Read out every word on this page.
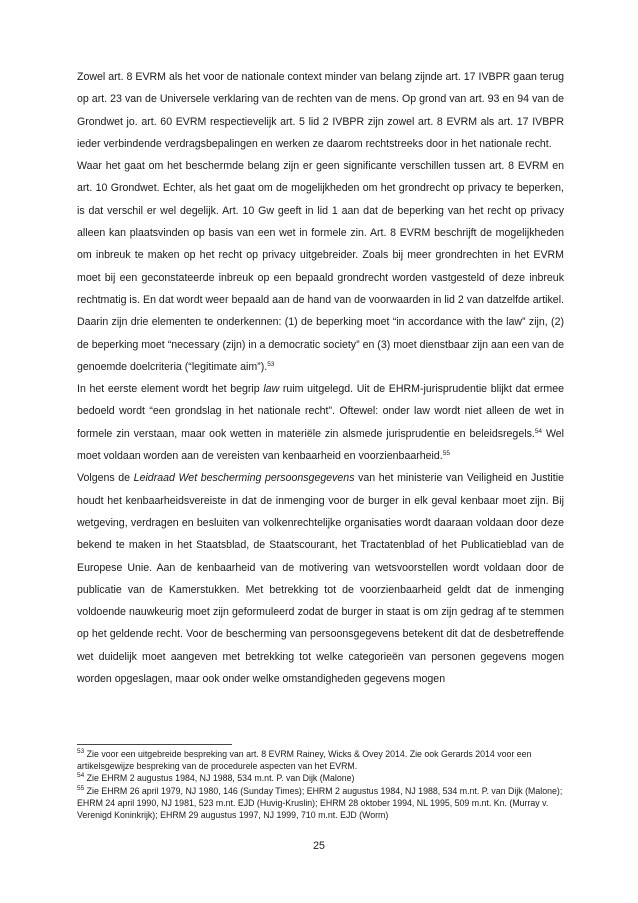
Zowel art. 8 EVRM als het voor de nationale context minder van belang zijnde art. 17 IVBPR gaan terug op art. 23 van de Universele verklaring van de rechten van de mens. Op grond van art. 93 en 94 van de Grondwet jo. art. 60 EVRM respectievelijk art. 5 lid 2 IVBPR zijn zowel art. 8 EVRM als art. 17 IVBPR ieder verbindende verdragsbepalingen en werken ze daarom rechtstreeks door in het nationale recht.

Waar het gaat om het beschermde belang zijn er geen significante verschillen tussen art. 8 EVRM en art. 10 Grondwet. Echter, als het gaat om de mogelijkheden om het grondrecht op privacy te beperken, is dat verschil er wel degelijk. Art. 10 Gw geeft in lid 1 aan dat de beperking van het recht op privacy alleen kan plaatsvinden op basis van een wet in formele zin. Art. 8 EVRM beschrijft de mogelijkheden om inbreuk te maken op het recht op privacy uitgebreider. Zoals bij meer grondrechten in het EVRM moet bij een geconstateerde inbreuk op een bepaald grondrecht worden vastgesteld of deze inbreuk rechtmatig is. En dat wordt weer bepaald aan de hand van de voorwaarden in lid 2 van datzelfde artikel. Daarin zijn drie elementen te onderkennen: (1) de beperking moet “in accordance with the law” zijn, (2) de beperking moet “necessary (zijn) in a democratic society” en (3) moet dienstbaar zijn aan een van de genoemde doelcriteria (“legitimate aim”).$^{53}$

In het eerste element wordt het begrip law ruim uitgelegd. Uit de EHRM-jurisprudentie blijkt dat ermee bedoeld wordt “een grondslag in het nationale recht”. Oftewel: onder law wordt niet alleen de wet in formele zin verstaan, maar ook wetten in materiële zin alsmede jurisprudentie en beleidsregels.$^{54}$ Wel moet voldaan worden aan de vereisten van kenbaarheid en voorzienbaarheid.$^{55}$

Volgens de Leidraad Wet bescherming persoonsgegevens van het ministerie van Veiligheid en Justitie houdt het kenbaarheidsvereiste in dat de inmenging voor de burger in elk geval kenbaar moet zijn. Bij wetgeving, verdragen en besluiten van volkenrechtelijke organisaties wordt daaraan voldaan door deze bekend te maken in het Staatsblad, de Staatscourant, het Tractatenblad of het Publicatieblad van de Europese Unie. Aan de kenbaarheid van de motivering van wetsvoorstellen wordt voldaan door de publicatie van de Kamerstukken. Met betrekking tot de voorzienbaarheid geldt dat de inmenging voldoende nauwkeurig moet zijn geformuleerd zodat de burger in staat is om zijn gedrag af te stemmen op het geldende recht. Voor de bescherming van persoonsgegevens betekent dit dat de desbetreffende wet duidelijk moet aangeven met betrekking tot welke categorieën van personen gegevens mogen worden opgeslagen, maar ook onder welke omstandigheden gegevens mogen

$^{53}$ Zie voor een uitgebreide bespreking van art. 8 EVRM Rainey, Wicks & Ovey 2014. Zie ook Gerards 2014 voor een artikelsgewijze bespreking van de procedurele aspecten van het EVRM.

$^{54}$ Zie EHRM 2 augustus 1984, NJ 1988, 534 m.nt. P. van Dijk (Malone)

$^{55}$ Zie EHRM 26 april 1979, NJ 1980, 146 (Sunday Times); EHRM 2 augustus 1984, NJ 1988, 534 m.nt. P. van Dijk (Malone); EHRM 24 april 1990, NJ 1981, 523 m.nt. EJD (Huvig-Kruslin); EHRM 28 oktober 1994, NL 1995, 509 m.nt. Kn. (Murray v. Verenigd Koninkrijk); EHRM 29 augustus 1997, NJ 1999, 710 m.nt. EJD (Worm)

25
